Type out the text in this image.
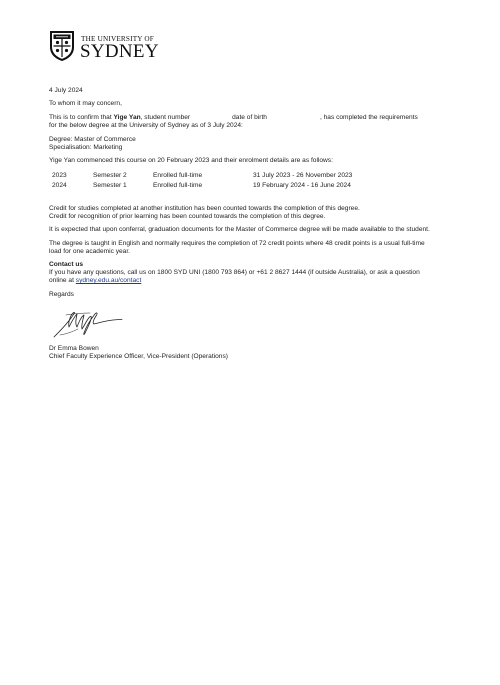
THE UNIVERSITY OF
SYDNEY
4 July 2024
To whom it may concern,
This is to confirm that Yige Yan, student number	date of birth	, has completed the requirements
for the below degree at the University of Sydney as of 3 July 2024:
Degree: Master of Commerce
Specialisation: Marketing
Yige Yan commenced this course on 20 February 2023 and their enrolment details are as follows:
2023	Semester 2	Enrolled full-time	31 July 2023 - 26 November 2023
2024	Semester 1	Enrolled full-time	19 February 2024 - 16 June 2024
Credit for studies completed at another institution has been counted towards the completion of this degree.
Credit for recognition of prior learning has been counted towards the completion of this degree.
It is expected that upon conferral, graduation documents for the Master of Commerce degree will be made available to the student.
The degree is taught in English and normally requires the completion of 72 credit points where 48 credit points is a usual full-time
load for one academic year.
Contact us
If you have any questions, call us on 1800 SYD UNI (1800 793 864) or +61 2 8627 1444 (if outside Australia), or ask a question
online at sydney.edu.au/contact
Regards
Dr Emma Bowen
Chief Faculty Experience Officer, Vice-President (Operations)
